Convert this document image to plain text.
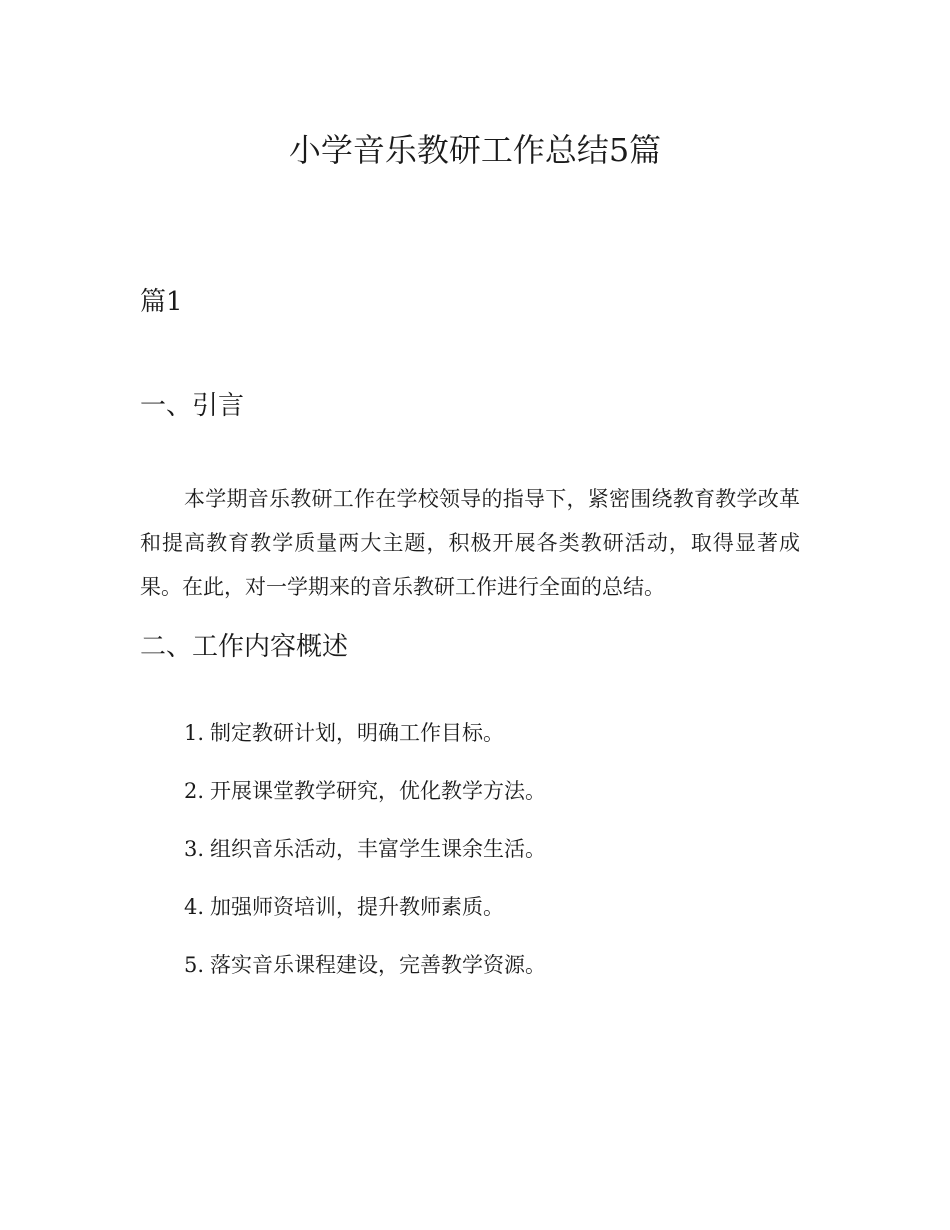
小学音乐教研工作总结5篇
篇1
一、引言

本学期音乐教研工作在学校领导的指导下，紧密围绕教育教学改革和提高教育教学质量两大主题，积极开展各类教研活动，取得显著成果。在此，对一学期来的音乐教研工作进行全面的总结。

二、工作内容概述
1. 制定教研计划，明确工作目标。
2. 开展课堂教学研究，优化教学方法。
3. 组织音乐活动，丰富学生课余生活。
4. 加强师资培训，提升教师素质。
5. 落实音乐课程建设，完善教学资源。
